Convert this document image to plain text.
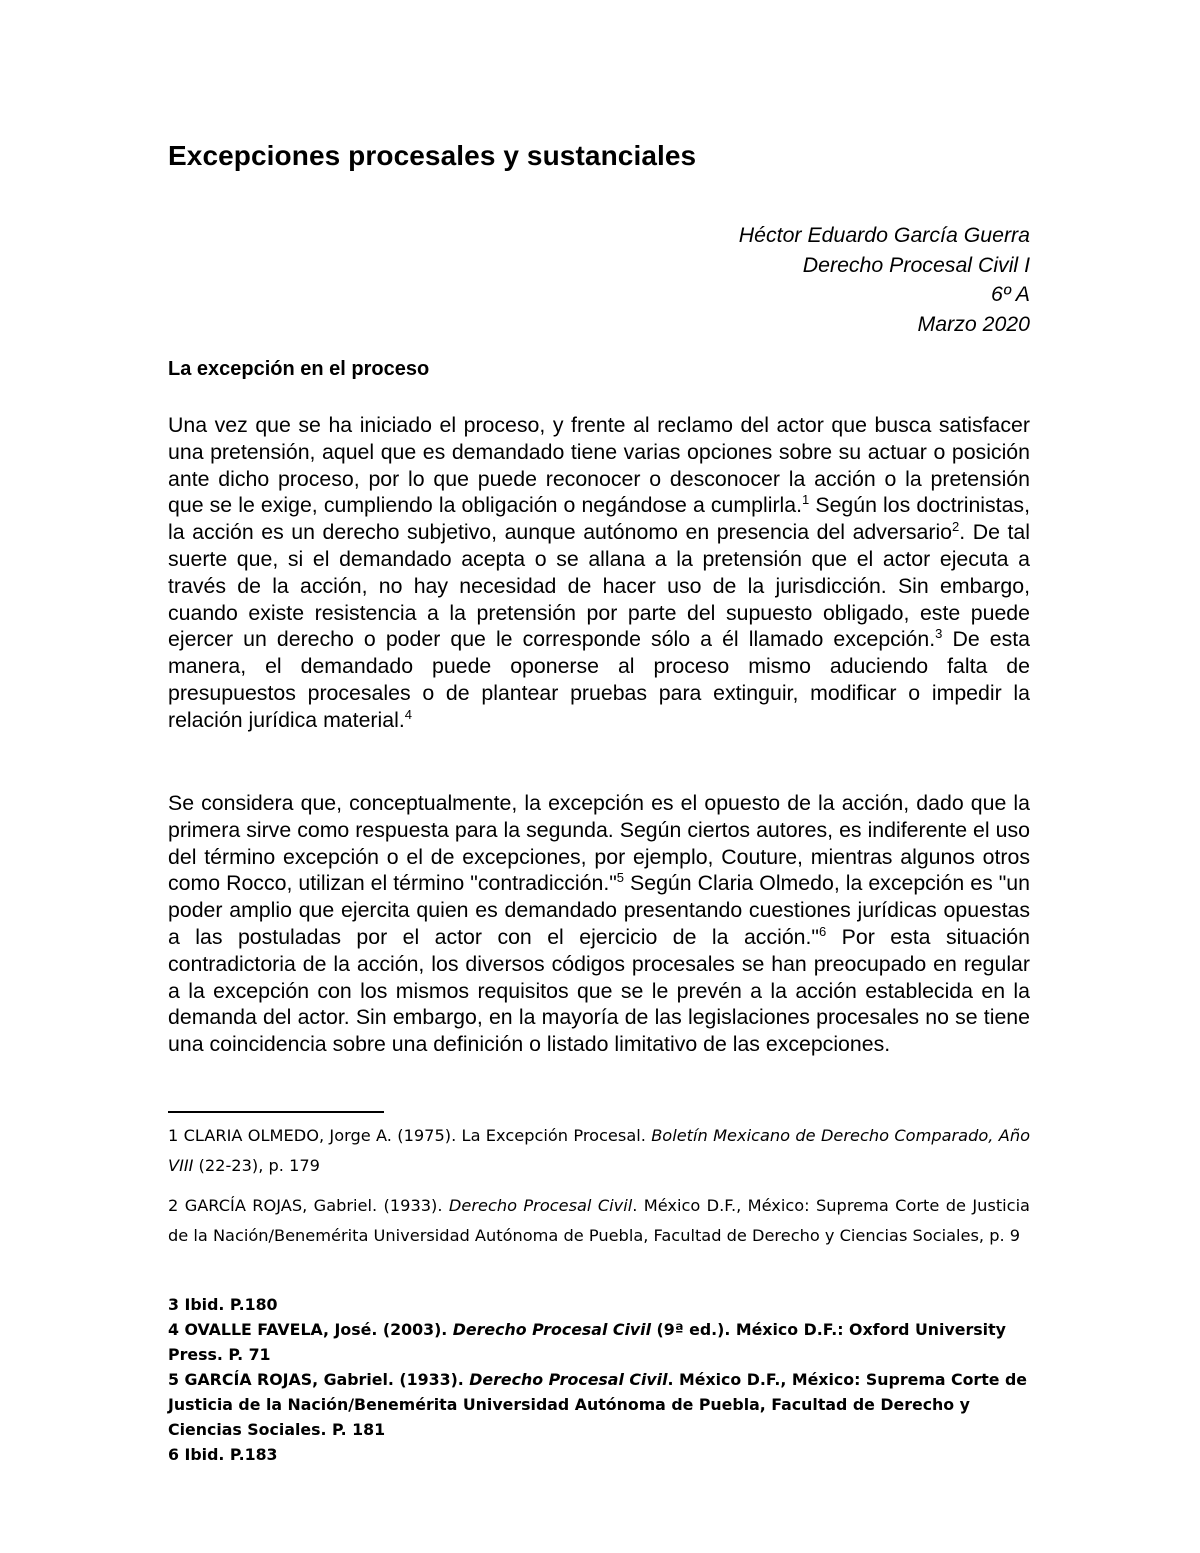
Excepciones procesales y sustanciales
Héctor Eduardo García Guerra
Derecho Procesal Civil I
6º A
Marzo 2020
La excepción en el proceso

Una vez que se ha iniciado el proceso, y frente al reclamo del actor que busca satisfacer una pretensión, aquel que es demandado tiene varias opciones sobre su actuar o posición ante dicho proceso, por lo que puede reconocer o desconocer la acción o la pretensión que se le exige, cumpliendo la obligación o negándose a cumplirla.$^1$ Según los doctrinistas, la acción es un derecho subjetivo, aunque autónomo en presencia del adversario$^2$. De tal suerte que, si el demandado acepta o se allana a la pretensión que el actor ejecuta a través de la acción, no hay necesidad de hacer uso de la jurisdicción. Sin embargo, cuando existe resistencia a la pretensión por parte del supuesto obligado, este puede ejercer un derecho o poder que le corresponde sólo a él llamado excepción.$^3$ De esta manera, el demandado puede oponerse al proceso mismo aduciendo falta de presupuestos procesales o de plantear pruebas para extinguir, modificar o impedir la relación jurídica material.$^4$

Se considera que, conceptualmente, la excepción es el opuesto de la acción, dado que la primera sirve como respuesta para la segunda. Según ciertos autores, es indiferente el uso del término excepción o el de excepciones, por ejemplo, Couture, mientras algunos otros como Rocco, utilizan el término "contradicción."$^5$ Según Claria Olmedo, la excepción es "un poder amplio que ejercita quien es demandado presentando cuestiones jurídicas opuestas a las postuladas por el actor con el ejercicio de la acción."$^6$ Por esta situación contradictoria de la acción, los diversos códigos procesales se han preocupado en regular a la excepción con los mismos requisitos que se le prevén a la acción establecida en la demanda del actor. Sin embargo, en la mayoría de las legislaciones procesales no se tiene una coincidencia sobre una definición o listado limitativo de las excepciones.

1 CLARIA OLMEDO, Jorge A. (1975). La Excepción Procesal. Boletín Mexicano de Derecho Comparado, Año VIII (22-23), p. 179

2 GARCÍA ROJAS, Gabriel. (1933). Derecho Procesal Civil. México D.F., México: Suprema Corte de Justicia de la Nación/Benemérita Universidad Autónoma de Puebla, Facultad de Derecho y Ciencias Sociales, p. 9

3 Ibid. P.180

4 OVALLE FAVELA, José. (2003). Derecho Procesal Civil (9ª ed.). México D.F.: Oxford University Press. P. 71

5 GARCÍA ROJAS, Gabriel. (1933). Derecho Procesal Civil. México D.F., México: Suprema Corte de Justicia de la Nación/Benemérita Universidad Autónoma de Puebla, Facultad de Derecho y Ciencias Sociales. P. 181

6 Ibid. P.183
